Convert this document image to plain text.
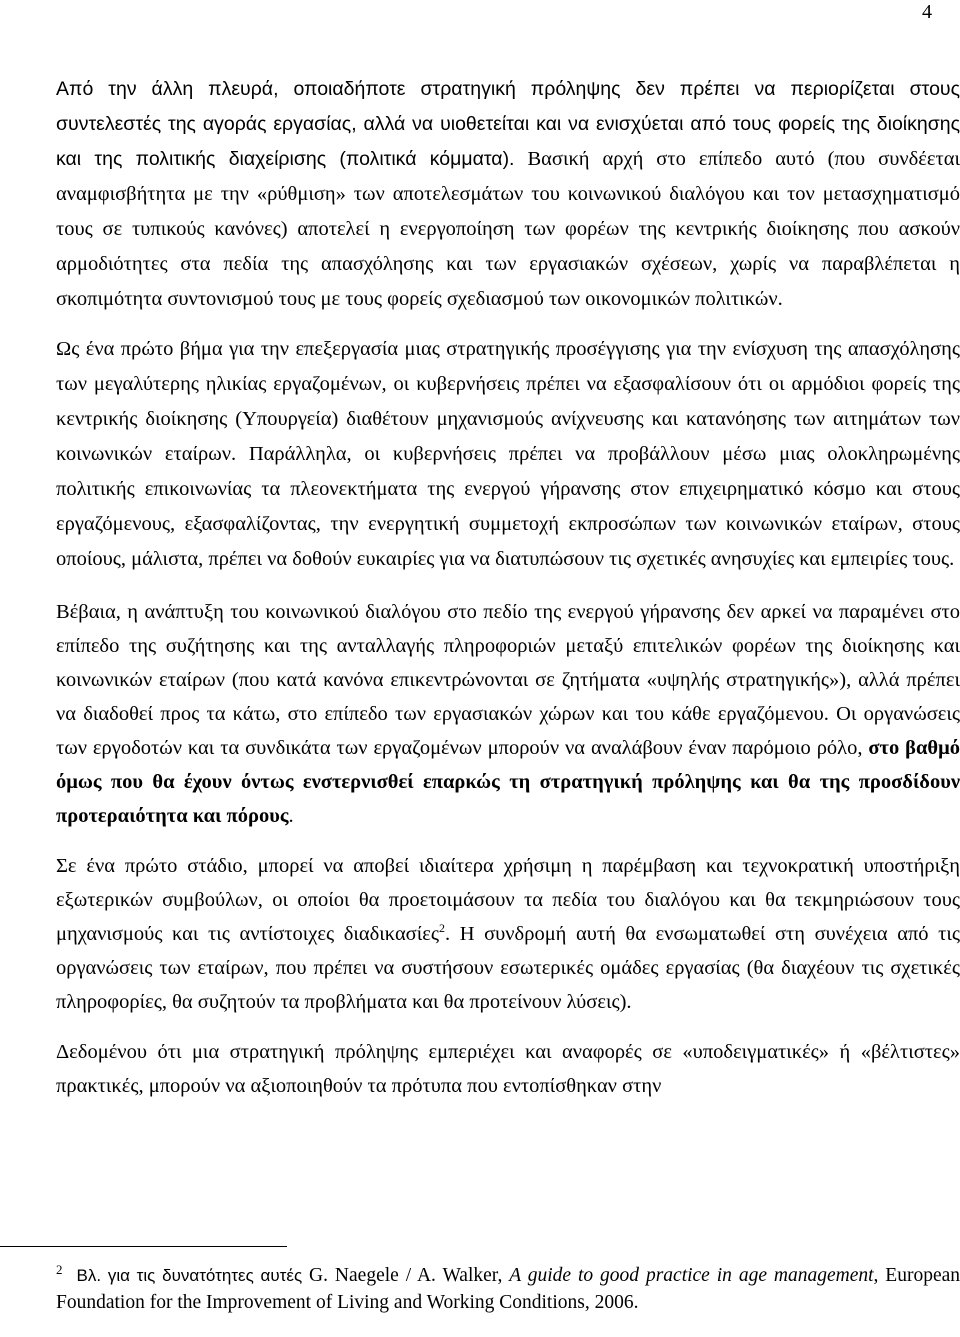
4

Από την άλλη πλευρά, οποιαδήποτε στρατηγική πρόληψης δεν πρέπει να περιορίζεται στους συντελεστές της αγοράς εργασίας, αλλά να υιοθετείται και να ενισχύεται από τους φορείς της διοίκησης και της πολιτικής διαχείρισης (πολιτικά κόμματα). Βασική αρχή στο επίπεδο αυτό (που συνδέεται αναμφισβήτητα με την «ρύθμιση» των αποτελεσμάτων του κοινωνικού διαλόγου και τον μετασχηματισμό τους σε τυπικούς κανόνες) αποτελεί η ενεργοποίηση των φορέων της κεντρικής διοίκησης που ασκούν αρμοδιότητες στα πεδία της απασχόλησης και των εργασιακών σχέσεων, χωρίς να παραβλέπεται η σκοπιμότητα συντονισμού τους με τους φορείς σχεδιασμού των οικονομικών πολιτικών.

Ως ένα πρώτο βήμα για την επεξεργασία μιας στρατηγικής προσέγγισης για την ενίσχυση της απασχόλησης των μεγαλύτερης ηλικίας εργαζομένων, οι κυβερνήσεις πρέπει να εξασφαλίσουν ότι οι αρμόδιοι φορείς της κεντρικής διοίκησης (Υπουργεία) διαθέτουν μηχανισμούς ανίχνευσης και κατανόησης των αιτημάτων των κοινωνικών εταίρων. Παράλληλα, οι κυβερνήσεις πρέπει να προβάλλουν μέσω μιας ολοκληρωμένης πολιτικής επικοινωνίας τα πλεονεκτήματα της ενεργού γήρανσης στον επιχειρηματικό κόσμο και στους εργαζόμενους, εξασφαλίζοντας, την ενεργητική συμμετοχή εκπροσώπων των κοινωνικών εταίρων, στους οποίους, μάλιστα, πρέπει να δοθούν ευκαιρίες για να διατυπώσουν τις σχετικές ανησυχίες και εμπειρίες τους.

Βέβαια, η ανάπτυξη του κοινωνικού διαλόγου στο πεδίο της ενεργού γήρανσης δεν αρκεί να παραμένει στο επίπεδο της συζήτησης και της ανταλλαγής πληροφοριών μεταξύ επιτελικών φορέων της διοίκησης και κοινωνικών εταίρων (που κατά κανόνα επικεντρώνονται σε ζητήματα «υψηλής στρατηγικής»), αλλά πρέπει να διαδοθεί προς τα κάτω, στο επίπεδο των εργασιακών χώρων και του κάθε εργαζόμενου. Οι οργανώσεις των εργοδοτών και τα συνδικάτα των εργαζομένων μπορούν να αναλάβουν έναν παρόμοιο ρόλο, στο βαθμό όμως που θα έχουν όντως ενστερνισθεί επαρκώς τη στρατηγική πρόληψης και θα της προσδίδουν προτεραιότητα και πόρους.

Σε ένα πρώτο στάδιο, μπορεί να αποβεί ιδιαίτερα χρήσιμη η παρέμβαση και τεχνοκρατική υποστήριξη εξωτερικών συμβούλων, οι οποίοι θα προετοιμάσουν τα πεδία του διαλόγου και θα τεκμηριώσουν τους μηχανισμούς και τις αντίστοιχες διαδικασίες$^2$. Η συνδρομή αυτή θα ενσωματωθεί στη συνέχεια από τις οργανώσεις των εταίρων, που πρέπει να συστήσουν εσωτερικές ομάδες εργασίας (θα διαχέουν τις σχετικές πληροφορίες, θα συζητούν τα προβλήματα και θα προτείνουν λύσεις).

Δεδομένου ότι μια στρατηγική πρόληψης εμπεριέχει και αναφορές σε «υποδειγματικές» ή «βέλτιστες» πρακτικές, μπορούν να αξιοποιηθούν τα πρότυπα που εντοπίσθηκαν στην

$^2$ Βλ. για τις δυνατότητες αυτές G. Naegele / A. Walker, A guide to good practice in age management, European Foundation for the Improvement of Living and Working Conditions, 2006.
